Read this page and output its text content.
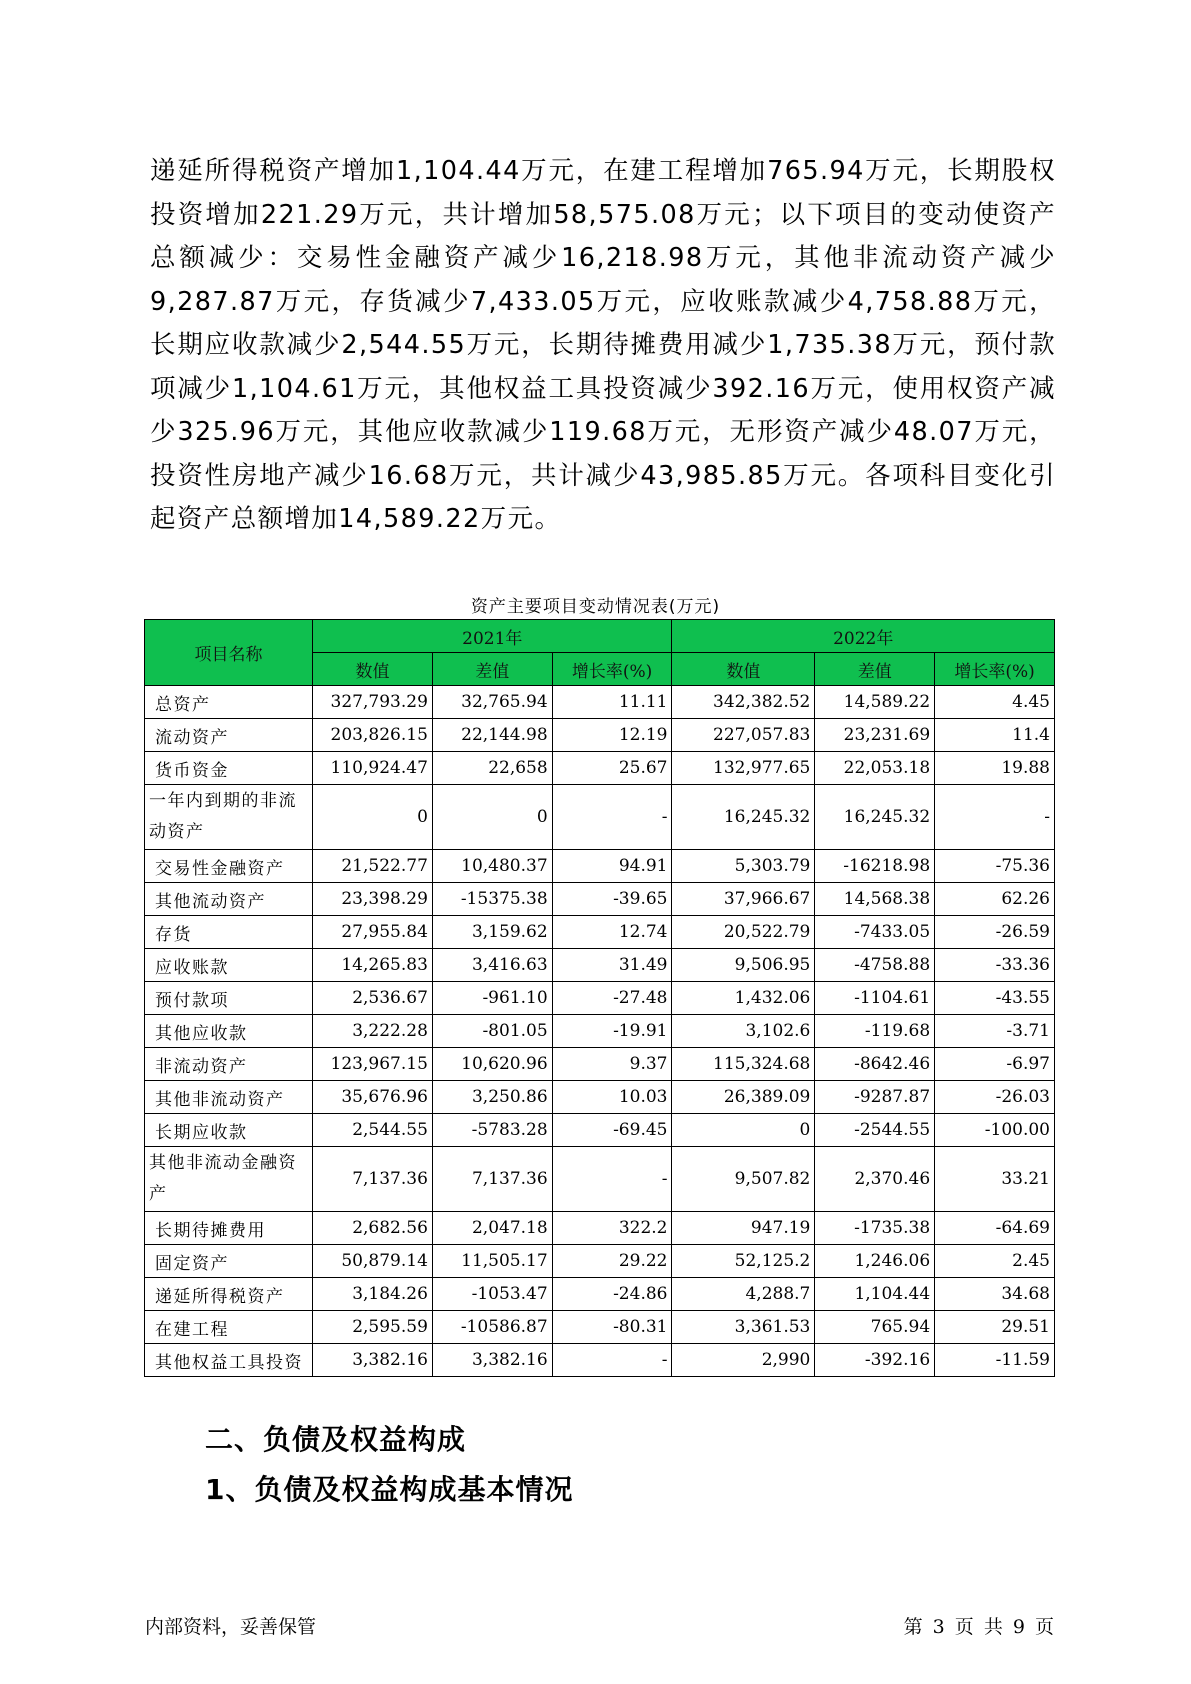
递延所得税资产增加1,104.44万元，在建工程增加765.94万元，长期股权投资增加221.29万元，共计增加58,575.08万元；以下项目的变动使资产总额减少：交易性金融资产减少16,218.98万元，其他非流动资产减少9,287.87万元，存货减少7,433.05万元，应收账款减少4,758.88万元，长期应收款减少2,544.55万元，长期待摊费用减少1,735.38万元，预付款项减少1,104.61万元，其他权益工具投资减少392.16万元，使用权资产减少325.96万元，其他应收款减少119.68万元，无形资产减少48.07万元，投资性房地产减少16.68万元，共计减少43,985.85万元。各项科目变化引起资产总额增加14,589.22万元。

资产主要项目变动情况表(万元)
项目名称	2021年			2022年		
	数值	差值	增长率(%)	数值	差值	增长率(%)
总资产	327,793.29	32,765.94	11.11	342,382.52	14,589.22	4.45
流动资产	203,826.15	22,144.98	12.19	227,057.83	23,231.69	11.4
货币资金	110,924.47	22,658	25.67	132,977.65	22,053.18	19.88
一年内到期的非流动资产	0	0	-	16,245.32	16,245.32	-
交易性金融资产	21,522.77	10,480.37	94.91	5,303.79	-16218.98	-75.36
其他流动资产	23,398.29	-15375.38	-39.65	37,966.67	14,568.38	62.26
存货	27,955.84	3,159.62	12.74	20,522.79	-7433.05	-26.59
应收账款	14,265.83	3,416.63	31.49	9,506.95	-4758.88	-33.36
预付款项	2,536.67	-961.10	-27.48	1,432.06	-1104.61	-43.55
其他应收款	3,222.28	-801.05	-19.91	3,102.6	-119.68	-3.71
非流动资产	123,967.15	10,620.96	9.37	115,324.68	-8642.46	-6.97
其他非流动资产	35,676.96	3,250.86	10.03	26,389.09	-9287.87	-26.03
长期应收款	2,544.55	-5783.28	-69.45	0	-2544.55	-100.00
其他非流动金融资产	7,137.36	7,137.36	-	9,507.82	2,370.46	33.21
长期待摊费用	2,682.56	2,047.18	322.2	947.19	-1735.38	-64.69
固定资产	50,879.14	11,505.17	29.22	52,125.2	1,246.06	2.45
递延所得税资产	3,184.26	-1053.47	-24.86	4,288.7	1,104.44	34.68
在建工程	2,595.59	-10586.87	-80.31	3,361.53	765.94	29.51
其他权益工具投资	3,382.16	3,382.16	-	2,990	-392.16	-11.59
二、负债及权益构成
1、负债及权益构成基本情况
内部资料，妥善保管	第 3 页 共 9 页
